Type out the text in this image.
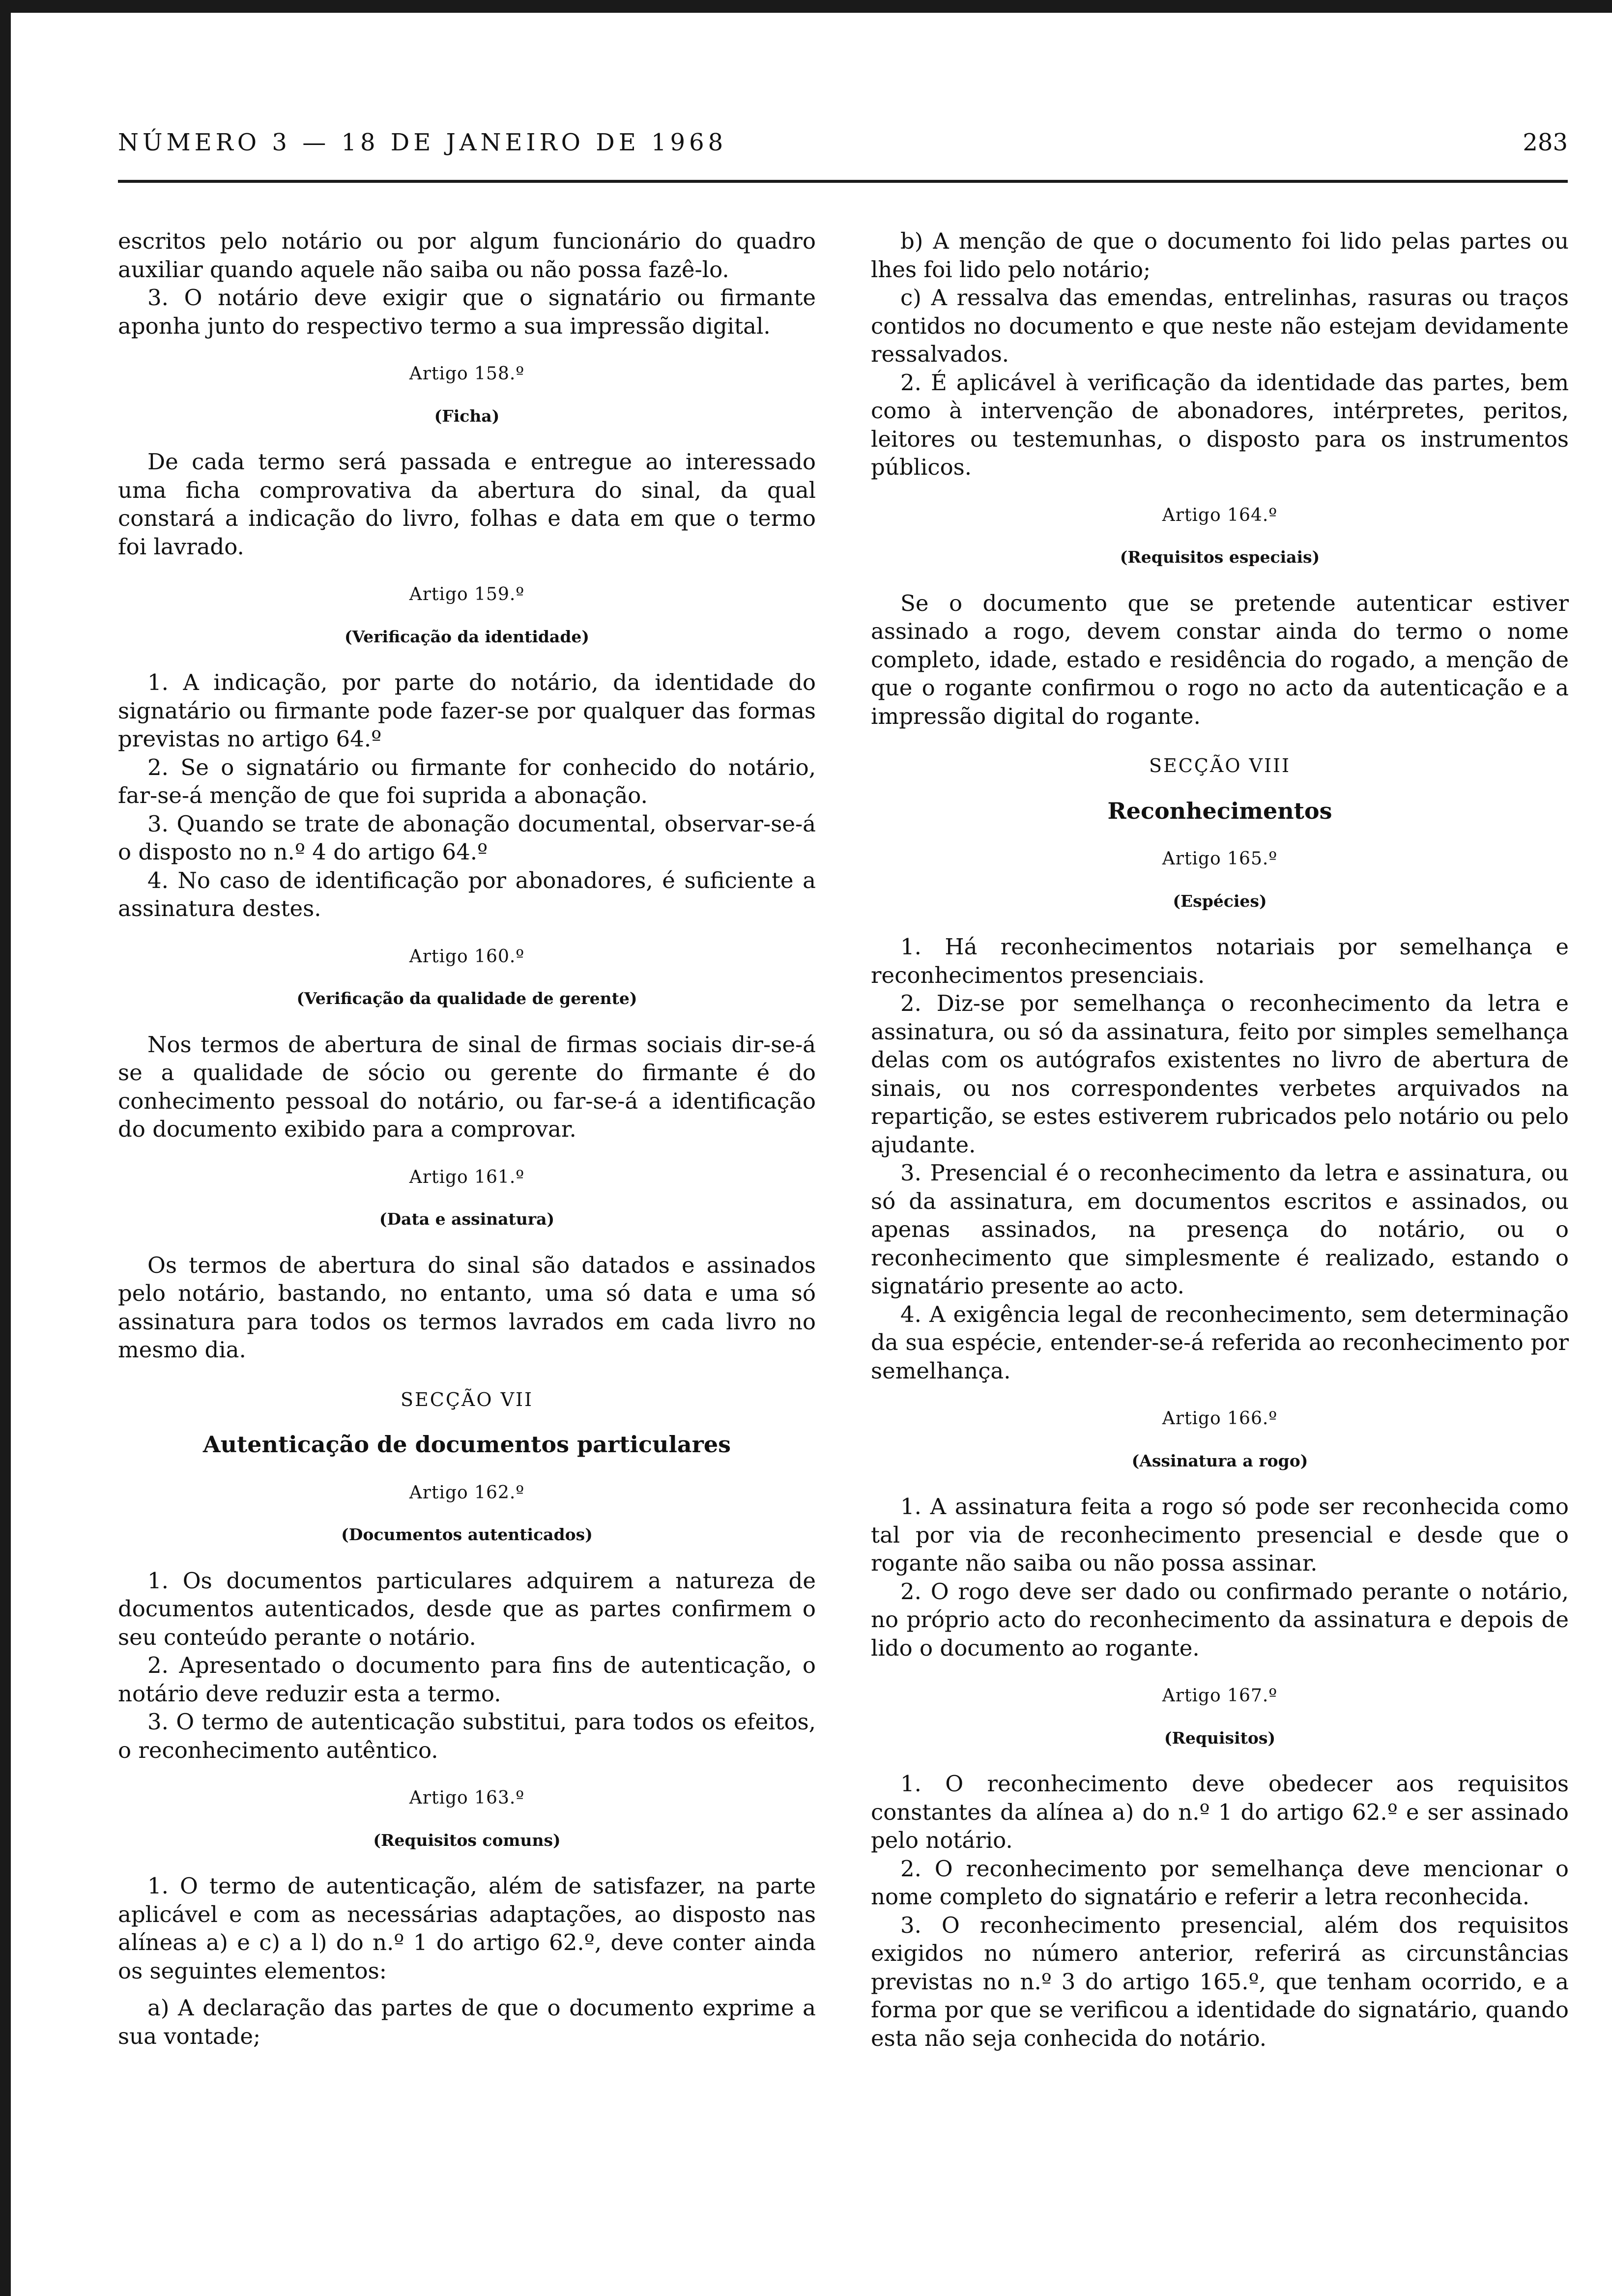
NÚMERO 3 — 18 DE JANEIRO DE 1968	283

escritos pelo notário ou por algum funcionário do quadro auxiliar quando aquele não saiba ou não possa fazê-lo.

3. O notário deve exigir que o signatário ou firmante aponha junto do respectivo termo a sua impressão digital.

Artigo 158.º
(Ficha)

De cada termo será passada e entregue ao interessado uma ficha comprovativa da abertura do sinal, da qual constará a indicação do livro, folhas e data em que o termo foi lavrado.

Artigo 159.º
(Verificação da identidade)

1. A indicação, por parte do notário, da identidade do signatário ou firmante pode fazer-se por qualquer das formas previstas no artigo 64.º

2. Se o signatário ou firmante for conhecido do notário, far-se-á menção de que foi suprida a abonação.

3. Quando se trate de abonação documental, observar-se-á o disposto no n.º 4 do artigo 64.º

4. No caso de identificação por abonadores, é suficiente a assinatura destes.

Artigo 160.º
(Verificação da qualidade de gerente)

Nos termos de abertura de sinal de firmas sociais dir-se-á se a qualidade de sócio ou gerente do firmante é do conhecimento pessoal do notário, ou far-se-á a identificação do documento exibido para a comprovar.

Artigo 161.º
(Data e assinatura)

Os termos de abertura do sinal são datados e assinados pelo notário, bastando, no entanto, uma só data e uma só assinatura para todos os termos lavrados em cada livro no mesmo dia.

SECÇÃO VII
Autenticação de documentos particulares
Artigo 162.º
(Documentos autenticados)

1. Os documentos particulares adquirem a natureza de documentos autenticados, desde que as partes confirmem o seu conteúdo perante o notário.

2. Apresentado o documento para fins de autenticação, o notário deve reduzir esta a termo.

3. O termo de autenticação substitui, para todos os efeitos, o reconhecimento autêntico.

Artigo 163.º
(Requisitos comuns)

1. O termo de autenticação, além de satisfazer, na parte aplicável e com as necessárias adaptações, ao disposto nas alíneas a) e c) a l) do n.º 1 do artigo 62.º, deve conter ainda os seguintes elementos:

a) A declaração das partes de que o documento exprime a sua vontade;

b) A menção de que o documento foi lido pelas partes ou lhes foi lido pelo notário;

c) A ressalva das emendas, entrelinhas, rasuras ou traços contidos no documento e que neste não estejam devidamente ressalvados.

2. É aplicável à verificação da identidade das partes, bem como à intervenção de abonadores, intérpretes, peritos, leitores ou testemunhas, o disposto para os instrumentos públicos.

Artigo 164.º
(Requisitos especiais)

Se o documento que se pretende autenticar estiver assinado a rogo, devem constar ainda do termo o nome completo, idade, estado e residência do rogado, a menção de que o rogante confirmou o rogo no acto da autenticação e a impressão digital do rogante.

SECÇÃO VIII
Reconhecimentos
Artigo 165.º
(Espécies)

1. Há reconhecimentos notariais por semelhança e reconhecimentos presenciais.

2. Diz-se por semelhança o reconhecimento da letra e assinatura, ou só da assinatura, feito por simples semelhança delas com os autógrafos existentes no livro de abertura de sinais, ou nos correspondentes verbetes arquivados na repartição, se estes estiverem rubricados pelo notário ou pelo ajudante.

3. Presencial é o reconhecimento da letra e assinatura, ou só da assinatura, em documentos escritos e assinados, ou apenas assinados, na presença do notário, ou o reconhecimento que simplesmente é realizado, estando o signatário presente ao acto.

4. A exigência legal de reconhecimento, sem determinação da sua espécie, entender-se-á referida ao reconhecimento por semelhança.

Artigo 166.º
(Assinatura a rogo)

1. A assinatura feita a rogo só pode ser reconhecida como tal por via de reconhecimento presencial e desde que o rogante não saiba ou não possa assinar.

2. O rogo deve ser dado ou confirmado perante o notário, no próprio acto do reconhecimento da assinatura e depois de lido o documento ao rogante.

Artigo 167.º
(Requisitos)

1. O reconhecimento deve obedecer aos requisitos constantes da alínea a) do n.º 1 do artigo 62.º e ser assinado pelo notário.

2. O reconhecimento por semelhança deve mencionar o nome completo do signatário e referir a letra reconhecida.

3. O reconhecimento presencial, além dos requisitos exigidos no número anterior, referirá as circunstâncias previstas no n.º 3 do artigo 165.º, que tenham ocorrido, e a forma por que se verificou a identidade do signatário, quando esta não seja conhecida do notário.
